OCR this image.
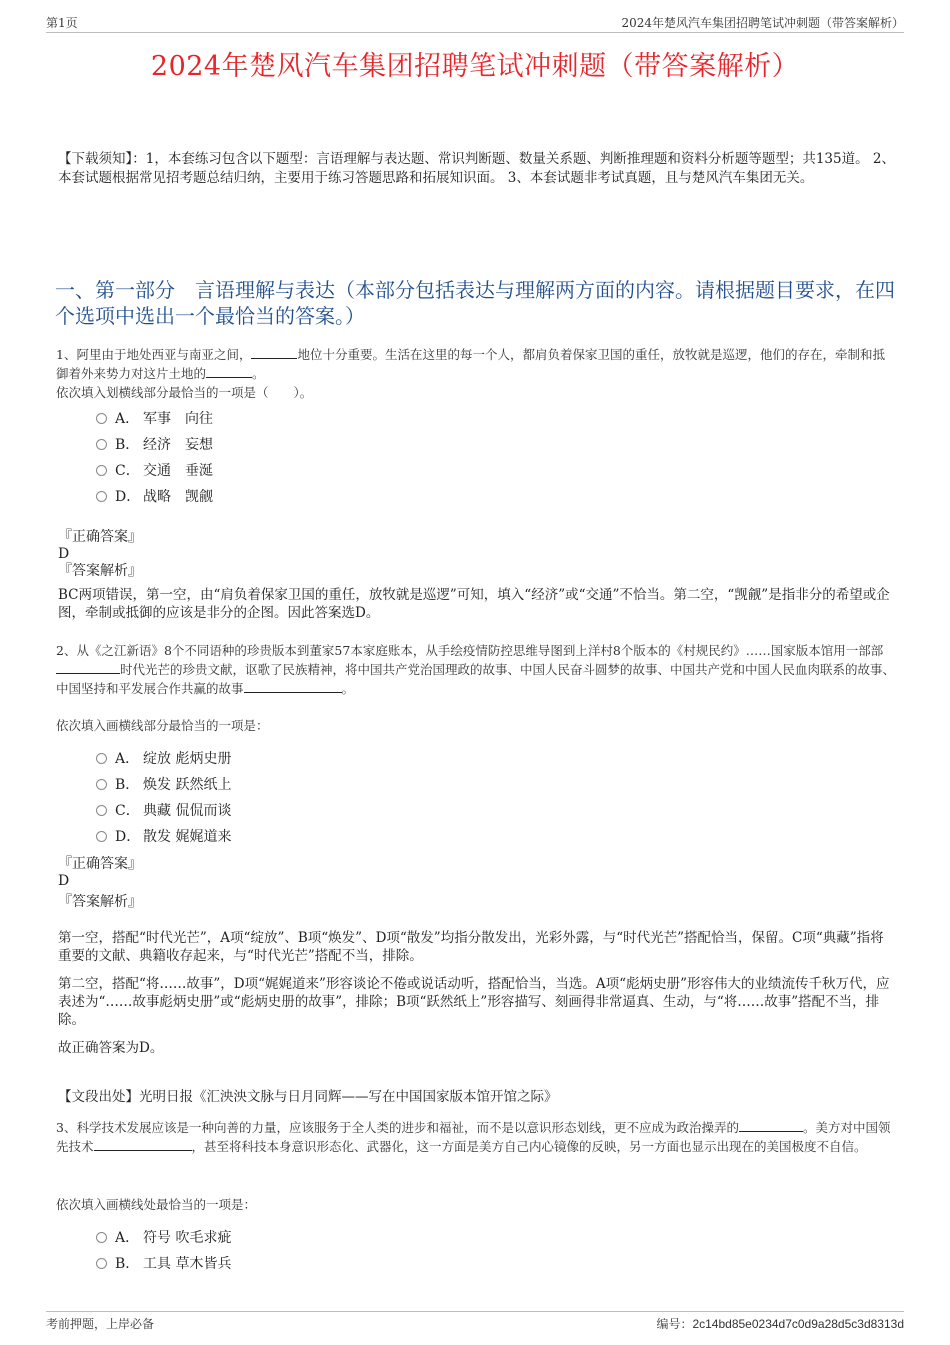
第1页	2024年楚风汽车集团招聘笔试冲刺题（带答案解析）
2024年楚风汽车集团招聘笔试冲刺题（带答案解析）
【下载须知】：1，本套练习包含以下题型：言语理解与表达题、常识判断题、数量关系题、判断推理题和资料分析题等题型；共135道。 2、本套试题根据常见招考题总结归纳，主要用于练习答题思路和拓展知识面。 3、本套试题非考试真题，且与楚风汽车集团无关。
一、第一部分　言语理解与表达（本部分包括表达与理解两方面的内容。请根据题目要求，在四个选项中选出一个最恰当的答案。）
1、阿里由于地处西亚与南亚之间，	地位十分重要。生活在这里的每一个人，都肩负着保家卫国的重任，放牧就是巡逻，他们的存在，牵制和抵御着外来势力对这片土地的	。
依次填入划横线部分最恰当的一项是（　　）。
A． 军事　向往
B． 经济　妄想
C． 交通　垂涎
D． 战略　觊觎
『正确答案』
D
『答案解析』
BC两项错误，第一空，由“肩负着保家卫国的重任，放牧就是巡逻”可知，填入“经济”或“交通”不恰当。第二空，“觊觎”是指非分的希望或企图，牵制或抵御的应该是非分的企图。因此答案选D。
2、从《之江新语》8个不同语种的珍贵版本到董家57本家庭账本，从手绘疫情防控思维导图到上洋村8个版本的《村规民约》……国家版本馆用一部部时代光芒的珍贵文献，讴歌了民族精神，将中国共产党治国理政的故事、中国人民奋斗圆梦的故事、中国共产党和中国人民血肉联系的故事、中国坚持和平发展合作共赢的故事	。
依次填入画横线部分最恰当的一项是：
A． 绽放 彪炳史册
B． 焕发 跃然纸上
C． 典藏 侃侃而谈
D． 散发 娓娓道来
『正确答案』
D
『答案解析』

第一空，搭配“时代光芒”，A项“绽放”、B项“焕发”、D项“散发”均指分散发出，光彩外露，与“时代光芒”搭配恰当，保留。C项“典藏”指将重要的文献、典籍收存起来，与“时代光芒”搭配不当，排除。

第二空，搭配“将……故事”，D项“娓娓道来”形容谈论不倦或说话动听，搭配恰当，当选。A项“彪炳史册”形容伟大的业绩流传千秋万代，应表述为“……故事彪炳史册”或“彪炳史册的故事”，排除；B项“跃然纸上”形容描写、刻画得非常逼真、生动，与“将……故事”搭配不当，排除。

故正确答案为D。

【文段出处】光明日报《汇泱泱文脉与日月同辉——写在中国国家版本馆开馆之际》
3、科学技术发展应该是一种向善的力量，应该服务于全人类的进步和福祉，而不是以意识形态划线，更不应成为政治操弄的	。美方对中国领先技术	，甚至将科技本身意识形态化、武器化，这一方面是美方自己内心镜像的反映，另一方面也显示出现在的美国极度不自信。
依次填入画横线处最恰当的一项是：
A． 符号 吹毛求疵
B． 工具 草木皆兵
考前押题，上岸必备	编号：2c14bd85e0234d7c0d9a28d5c3d8313d
